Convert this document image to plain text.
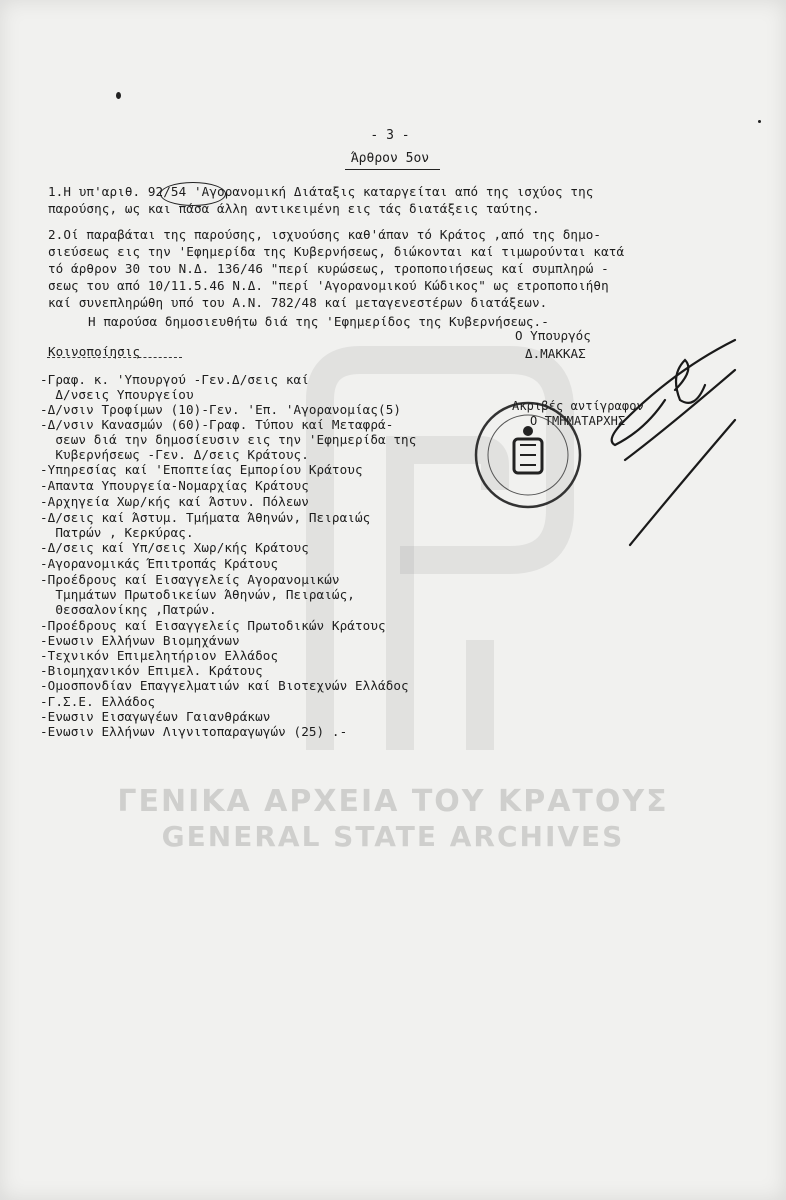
- 3 -
Άρθρον 5ον
1.Η υπ'αριθ. 92/54 'Αγορανομική Διάταξις καταργείται από της ισχύος της
παρούσης, ως και πάσα άλλη αντικειμένη εις τάς διατάξεις ταύτης.
2.Οί παραβάται της παρούσης, ισχυούσης καθ'άπαν τό Κράτος ,από της δημο-
σιεύσεως εις την 'Εφημερίδα της Κυβερνήσεως, διώκονται καί τιμωρούνται κατά
τό άρθρον 30 του Ν.Δ. 136/46 "περί κυρώσεως, τροποποιήσεως καί συμπληρώ -
σεως του από 10/11.5.46 Ν.Δ. "περί 'Αγορανομικού Κώδικος" ως ετροποποιήθη
καί συνεπληρώθη υπό του Α.Ν. 782/48 καί μεταγενεστέρων διατάξεων.
Η παρούσα δημοσιευθήτω διά της 'Εφημερίδος της Κυβερνήσεως.-
Ο Υπουργός
Δ.ΜΑΚΚΑΣ
Κοινοποίησις
-Γραφ. κ. 'Υπουργού -Γεν.Δ/σεις καί
Δ/νσεις Υπουργείου
-Δ/νσιν Τροφίμων (10)-Γεν. 'Επ. 'Αγορανομίας(5)
-Δ/νσιν Κανασμών (60)-Γραφ. Τύπου καί Μεταφρά-
σεων διά την δημοσίευσιν εις την 'Εφημερίδα της
Κυβερνήσεως -Γεν. Δ/σεις Κράτους.
-Υπηρεσίας καί 'Εποπτείας Εμπορίου Κράτους
-Απαντα Υπουργεία-Νομαρχίας Κράτους
-Αρχηγεία Χωρ/κής καί Άστυν. Πόλεων
-Δ/σεις καί Άστυμ. Τμήματα Άθηνών, Πειραιώς
Πατρών , Κερκύρας.
-Δ/σεις καί Υπ/σεις Χωρ/κής Κράτους
-Αγορανομικάς Έπιτροπάς Κράτους
-Προέδρους καί Εισαγγελείς Αγορανομικών
Τμημάτων Πρωτοδικείων Άθηνών, Πειραιώς,
Θεσσαλονίκης ,Πατρών.
-Προέδρους καί Εισαγγελείς Πρωτοδικών Κράτους
-Ενωσιν Ελλήνων Βιομηχάνων
-Τεχνικόν Επιμελητήριον Ελλάδος
-Βιομηχανικόν Επιμελ. Κράτους
-Ομοσπονδίαν Επαγγελματιών καί Βιοτεχνών Ελλάδος
-Γ.Σ.Ε. Ελλάδος
-Ενωσιν Εισαγωγέων Γαιανθράκων
-Ενωσιν Ελλήνων Λιγνιτοπαραγωγών (25) .-
Ακριβές αντίγραφον
Ο ΤΜΗΜΑΤΑΡΧΗΣ
ΓΕΝΙΚΑ ΑΡΧΕΙΑ ΤΟΥ ΚΡΑΤΟΥΣ
GENERAL STATE ARCHIVES
